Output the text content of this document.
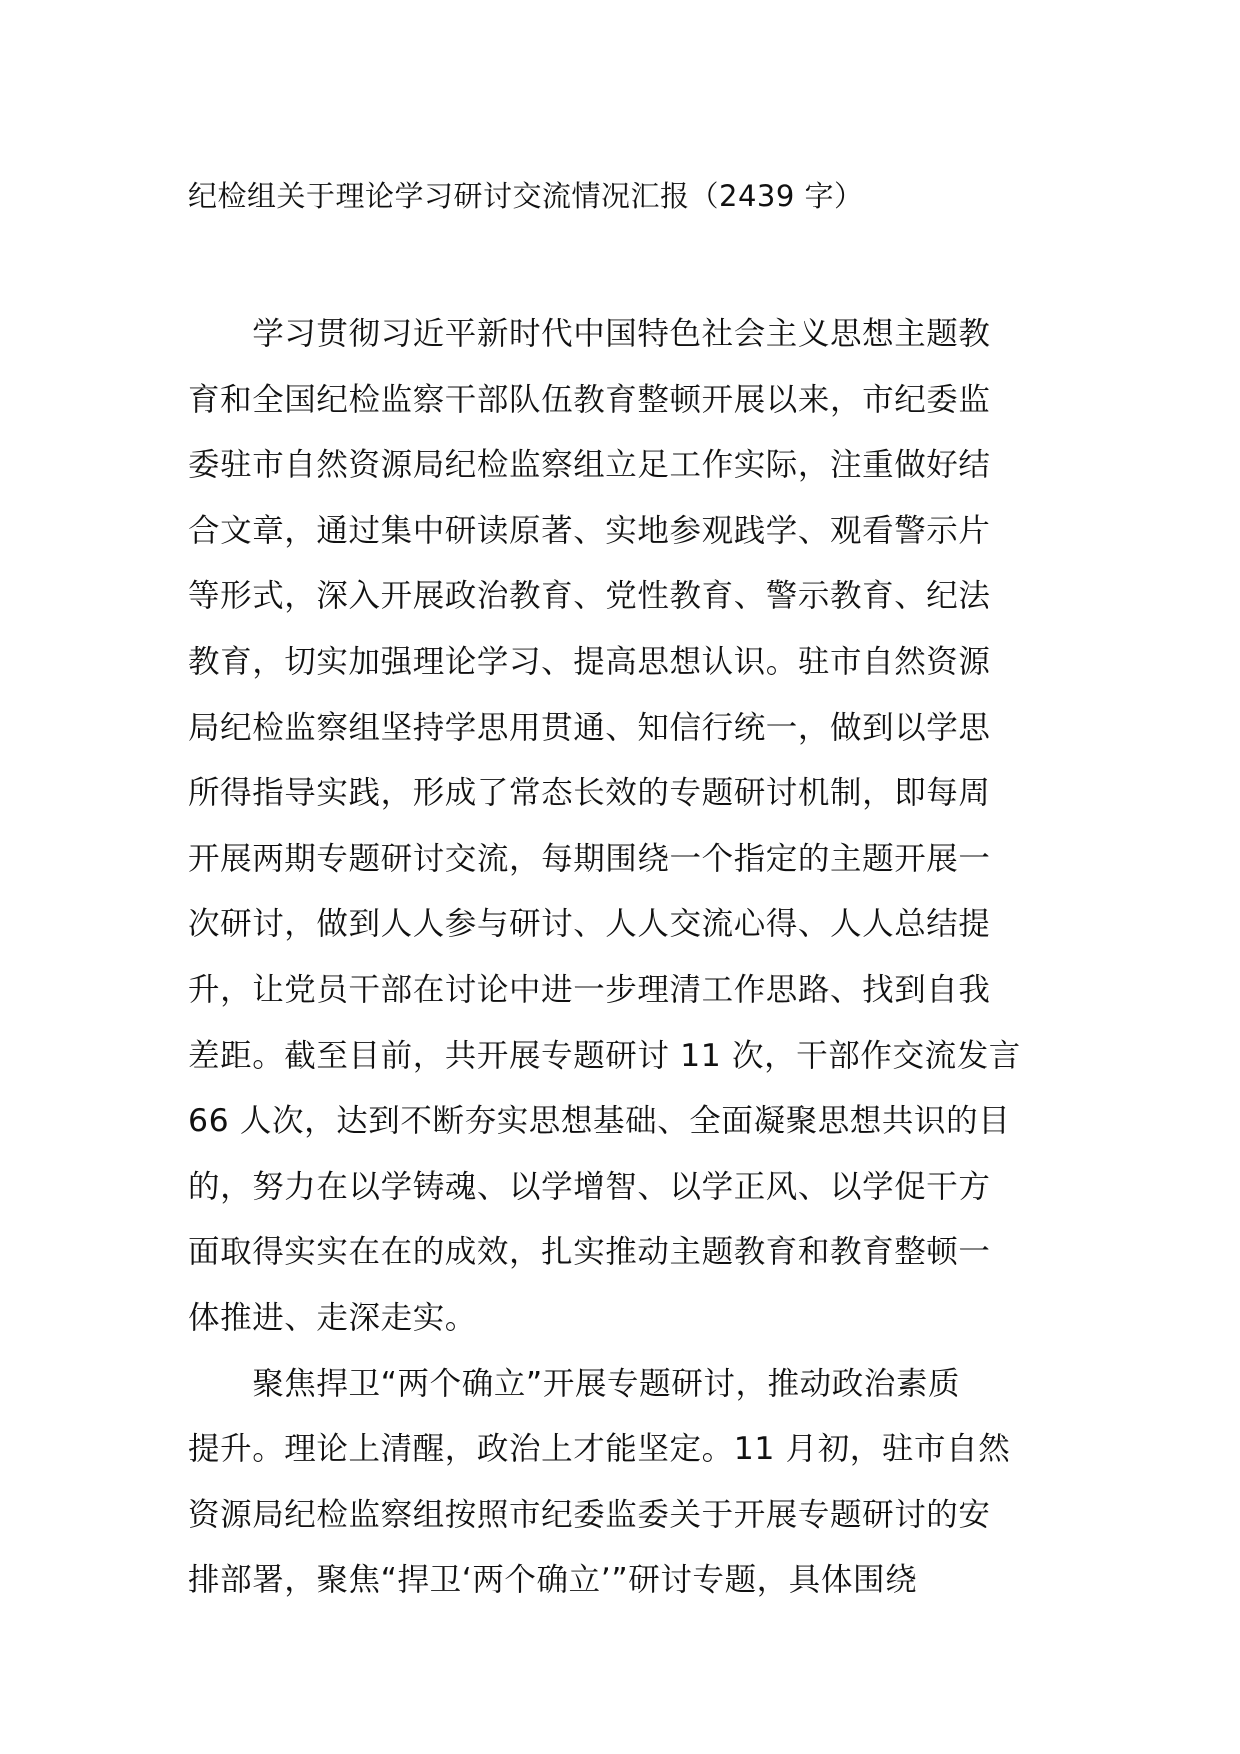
纪检组关于理论学习研讨交流情况汇报（2439 字）
　　学习贯彻习近平新时代中国特色社会主义思想主题教
育和全国纪检监察干部队伍教育整顿开展以来，市纪委监
委驻市自然资源局纪检监察组立足工作实际，注重做好结
合文章，通过集中研读原著、实地参观践学、观看警示片
等形式，深入开展政治教育、党性教育、警示教育、纪法
教育，切实加强理论学习、提高思想认识。驻市自然资源
局纪检监察组坚持学思用贯通、知信行统一，做到以学思
所得指导实践，形成了常态长效的专题研讨机制，即每周
开展两期专题研讨交流，每期围绕一个指定的主题开展一
次研讨，做到人人参与研讨、人人交流心得、人人总结提
升，让党员干部在讨论中进一步理清工作思路、找到自我
差距。截至目前，共开展专题研讨 11 次，干部作交流发言
66 人次，达到不断夯实思想基础、全面凝聚思想共识的目
的，努力在以学铸魂、以学增智、以学正风、以学促干方
面取得实实在在的成效，扎实推动主题教育和教育整顿一
体推进、走深走实。
　　聚焦捍卫“两个确立”开展专题研讨，推动政治素质
提升。理论上清醒，政治上才能坚定。11 月初，驻市自然
资源局纪检监察组按照市纪委监委关于开展专题研讨的安
排部署，聚焦“捍卫‘两个确立’”研讨专题，具体围绕
